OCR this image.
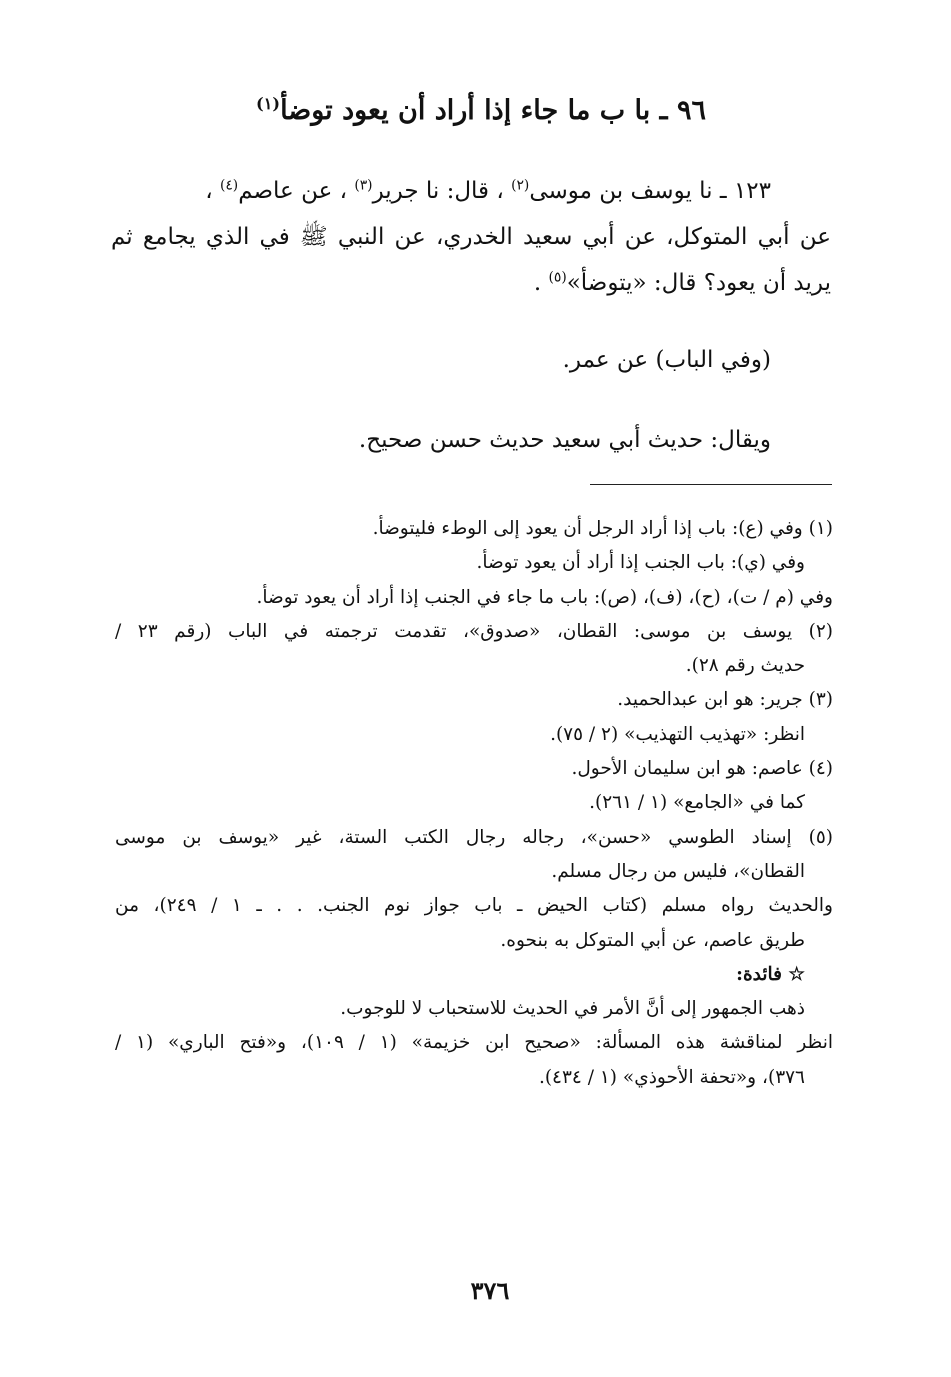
٩٦ ـ با ب ما جاء إذا أراد أن يعود توضأ$^{(١)}$
١٢٣ ـ نا يوسف بن موسى$^{(٢)}$ ، قال: نا جرير$^{(٣)}$ ، عن عاصم$^{(٤)}$ ،
عن أبي المتوكل، عن أبي سعيد الخدري، عن النبي ﷺ في الذي يجامع ثم يريد أن يعود؟ قال: «يتوضأ»$^{(٥)}$ .
(وفي الباب) عن عمر.
ويقال: حديث أبي سعيد حديث حسن صحيح.
(١) وفي (ع): باب إذا أراد الرجل أن يعود إلى الوطء فليتوضأ.
وفي (ي): باب الجنب إذا أراد أن يعود توضأ.
وفي (م / ت)، (ح)، (ف)، (ص): باب ما جاء في الجنب إذا أراد أن يعود توضأ.
(٢) يوسف بن موسى: القطان، «صدوق»، تقدمت ترجمته في الباب (رقم ٢٣ /
حديث رقم ٢٨).
(٣) جرير: هو ابن عبدالحميد.
انظر: «تهذيب التهذيب» (٢ / ٧٥).
(٤) عاصم: هو ابن سليمان الأحول.
كما في «الجامع» (١ / ٢٦١).
(٥) إسناد الطوسي «حسن»، رجاله رجال الكتب الستة، غير «يوسف بن موسى
القطان»، فليس من رجال مسلم.
والحديث رواه مسلم (كتاب الحيض ـ باب جواز نوم الجنب. . . ـ ١ / ٢٤٩)، من
طريق عاصم، عن أبي المتوكل به بنحوه.
☆ فائدة:
ذهب الجمهور إلى أنَّ الأمر في الحديث للاستحباب لا للوجوب.
انظر لمناقشة هذه المسألة: «صحيح ابن خزيمة» (١ / ١٠٩)، و«فتح الباري» (١ /
٣٧٦)، و«تحفة الأحوذي» (١ / ٤٣٤).
٣٧٦
